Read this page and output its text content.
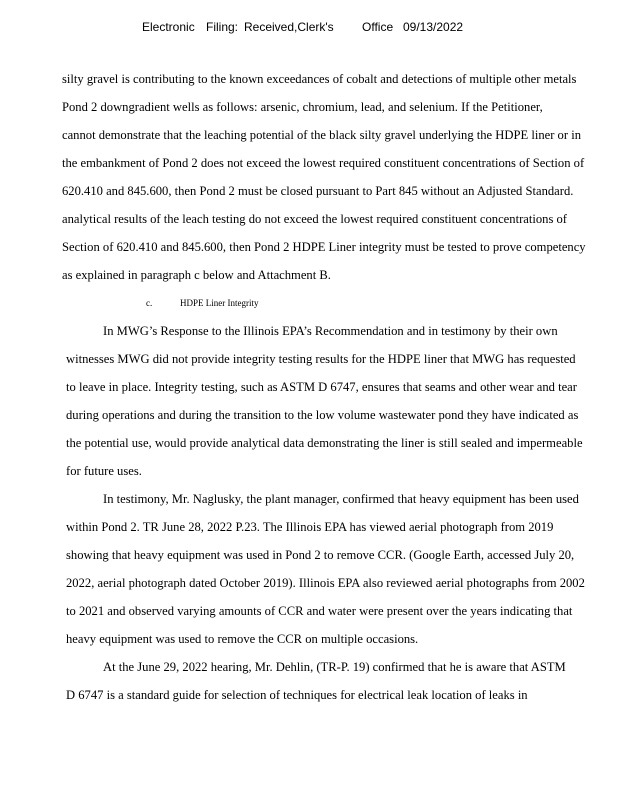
Electronic Filing: Received,Clerk's Office 09/13/2022
silty gravel is contributing to the known exceedances of cobalt and detections of multiple other metals
Pond 2 downgradient wells as follows: arsenic, chromium, lead, and selenium. If the Petitioner,
cannot demonstrate that the leaching potential of the black silty gravel underlying the HDPE liner or in
the embankment of Pond 2 does not exceed the lowest required constituent concentrations of Section of
620.410 and 845.600, then Pond 2 must be closed pursuant to Part 845 without an Adjusted Standard.
analytical results of the leach testing do not exceed the lowest required constituent concentrations of
Section of 620.410 and 845.600, then Pond 2 HDPE Liner integrity must be tested to prove competency
as explained in paragraph c below and Attachment B.
c.	HDPE Liner Integrity
In MWG’s Response to the Illinois EPA’s Recommendation and in testimony by their own
witnesses MWG did not provide integrity testing results for the HDPE liner that MWG has requested
to leave in place. Integrity testing, such as ASTM D 6747, ensures that seams and other wear and tear
during operations and during the transition to the low volume wastewater pond they have indicated as
the potential use, would provide analytical data demonstrating the liner is still sealed and impermeable
for future uses.
In testimony, Mr. Naglusky, the plant manager, confirmed that heavy equipment has been used
within Pond 2. TR June 28, 2022 P.23. The Illinois EPA has viewed aerial photograph from 2019
showing that heavy equipment was used in Pond 2 to remove CCR. (Google Earth, accessed July 20,
2022, aerial photograph dated October 2019). Illinois EPA also reviewed aerial photographs from 2002
to 2021 and observed varying amounts of CCR and water were present over the years indicating that
heavy equipment was used to remove the CCR on multiple occasions.
At the June 29, 2022 hearing, Mr. Dehlin, (TR-P. 19) confirmed that he is aware that ASTM
D 6747 is a standard guide for selection of techniques for electrical leak location of leaks in
